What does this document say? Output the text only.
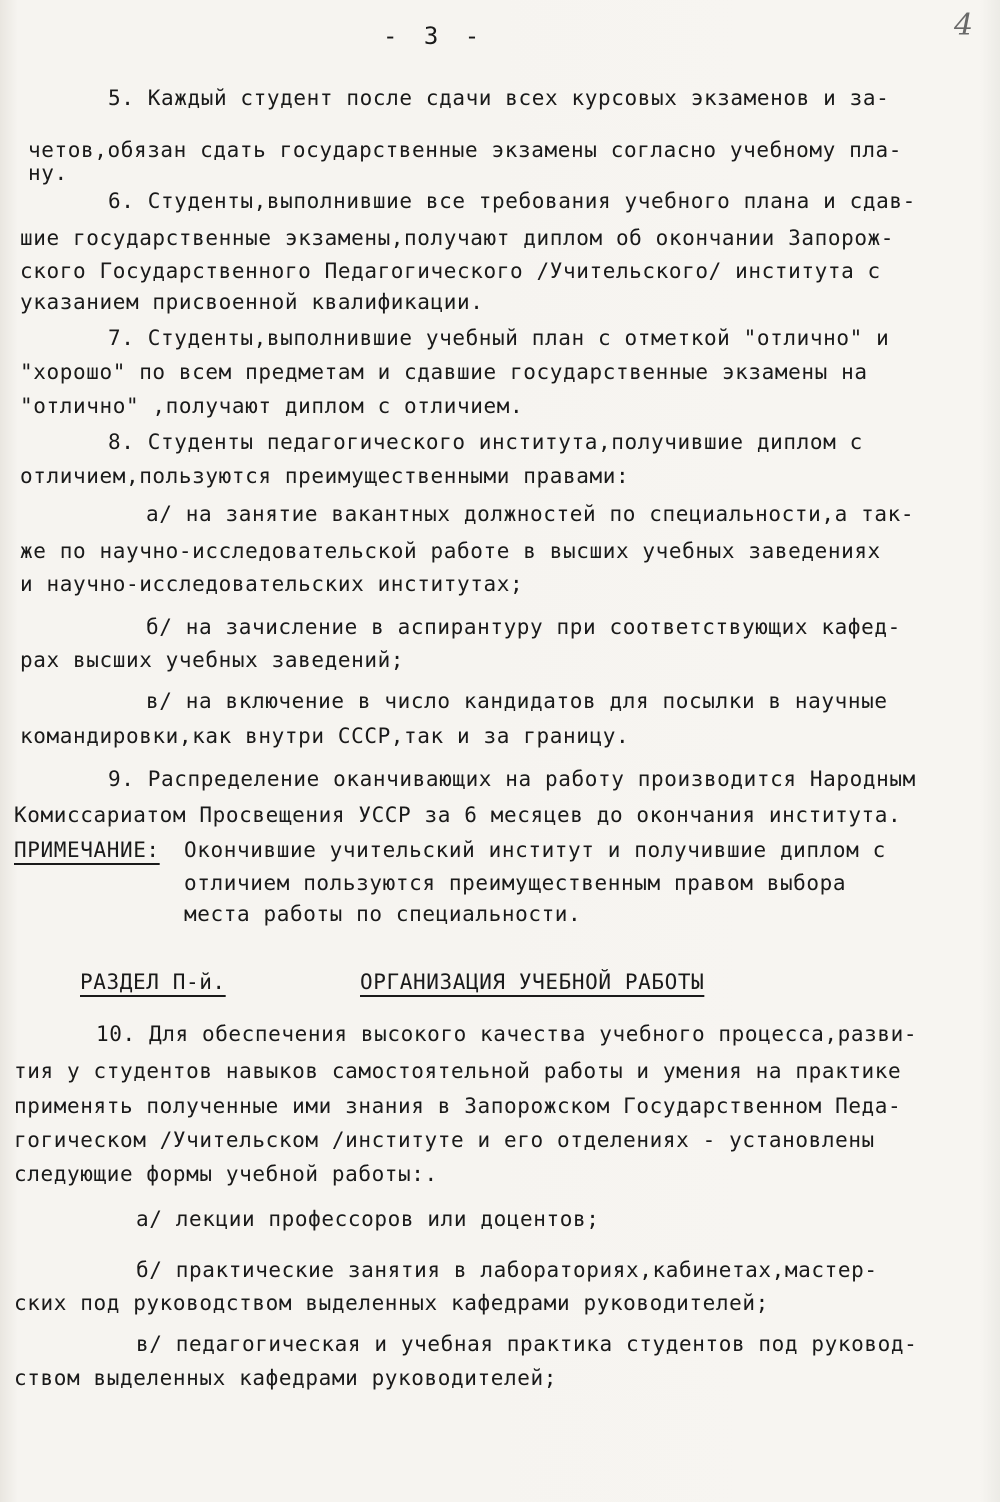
- 3 -	4
5. Каждый студент после сдачи всех курсовых экзаменов и за-
четов,обязан сдать государственные экзамены согласно учебному пла-
ну.
6. Студенты,выполнившие все требования учебного плана и сдав-
шие государственные экзамены,получают диплом об окончании Запорож-
ского Государственного Педагогического /Учительского/ института с
указанием присвоенной квалификации.
7. Студенты,выполнившие учебный план с отметкой "отлично" и
"хорошо" по всем предметам и сдавшие государственные экзамены на
"отлично" ,получают диплом с отличием.
8. Студенты педагогического института,получившие диплом с
отличием,пользуются преимущественными правами:
а/ на занятие вакантных должностей по специальности,а так-
же по научно-исследовательской работе в высших учебных заведениях
и научно-исследовательских институтах;
б/ на зачисление в аспирантуру при соответствующих кафед-
рах высших учебных заведений;
в/ на включение в число кандидатов для посылки в научные
командировки,как внутри СССР,так и за границу.
9. Распределение оканчивающих на работу производится Народным
Комиссариатом Просвещения УССР за 6 месяцев до окончания института.
ПРИМЕЧАНИЕ: Окончившие учительский институт и получившие диплом с
отличием пользуются преимущественным правом выбора
места работы по специальности.
РАЗДЕЛ П-й.	ОРГАНИЗАЦИЯ УЧЕБНОЙ РАБОТЫ
10. Для обеспечения высокого качества учебного процесса,разви-
тия у студентов навыков самостоятельной работы и умения на практике
применять полученные ими знания в Запорожском Государственном Педа-
гогическом /Учительском /институте и его отделениях - установлены
следующие формы учебной работы:.
а/ лекции профессоров или доцентов;
б/ практические занятия в лабораториях,кабинетах,мастер-
ских под руководством выделенных кафедрами руководителей;
в/ педагогическая и учебная практика студентов под руковод-
ством выделенных кафедрами руководителей;
